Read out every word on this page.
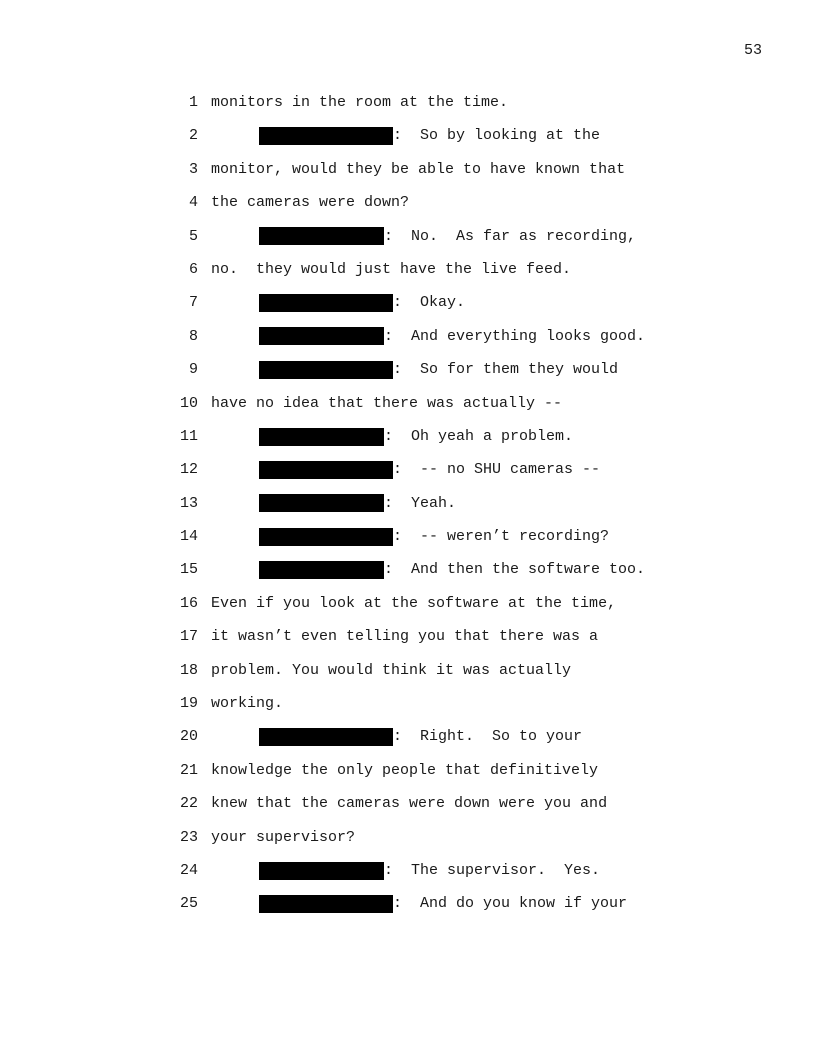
53
1 monitors in the room at the time.
2	:  So by looking at the
3 monitor, would they be able to have known that
4 the cameras were down?
5	:  No.  As far as recording,
6 no.  they would just have the live feed.
7	:  Okay.
8	:  And everything looks good.
9	:  So for them they would
10 have no idea that there was actually --
11	:  Oh yeah a problem.
12	:  -- no SHU cameras --
13	:  Yeah.
14	:  -- weren’t recording?
15	:  And then the software too.
16 Even if you look at the software at the time,
17 it wasn’t even telling you that there was a
18 problem. You would think it was actually
19 working.
20	:  Right.  So to your
21 knowledge the only people that definitively
22 knew that the cameras were down were you and
23 your supervisor?
24	:  The supervisor.  Yes.
25	:  And do you know if your
